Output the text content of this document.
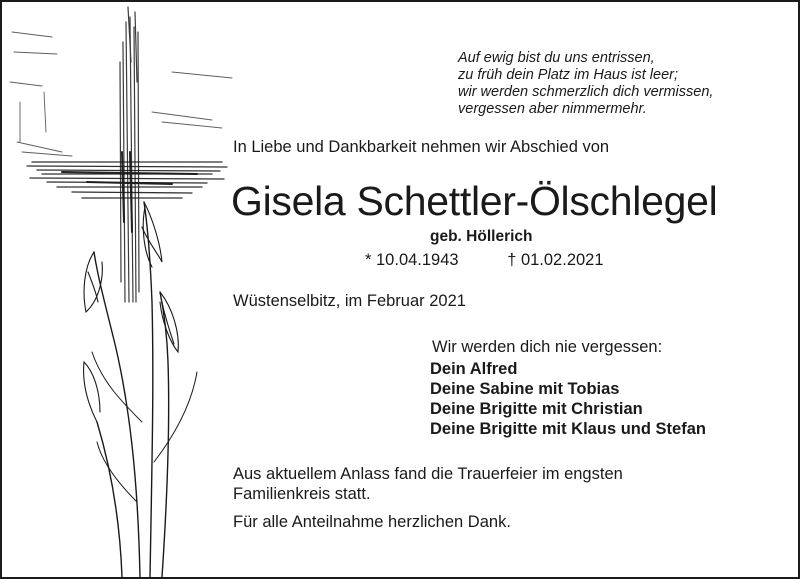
Auf ewig bist du uns entrissen,
zu früh dein Platz im Haus ist leer;
wir werden schmerzlich dich vermissen,
vergessen aber nimmermehr.
In Liebe und Dankbarkeit nehmen wir Abschied von
Gisela Schettler-Ölschlegel
geb. Höllerich
* 10.04.1943	† 01.02.2021
Wüstenselbitz, im Februar 2021
Wir werden dich nie vergessen:
Dein Alfred
Deine Sabine mit Tobias
Deine Brigitte mit Christian
Deine Brigitte mit Klaus und Stefan
Aus aktuellem Anlass fand die Trauerfeier im engsten Familienkreis statt.
Für alle Anteilnahme herzlichen Dank.
